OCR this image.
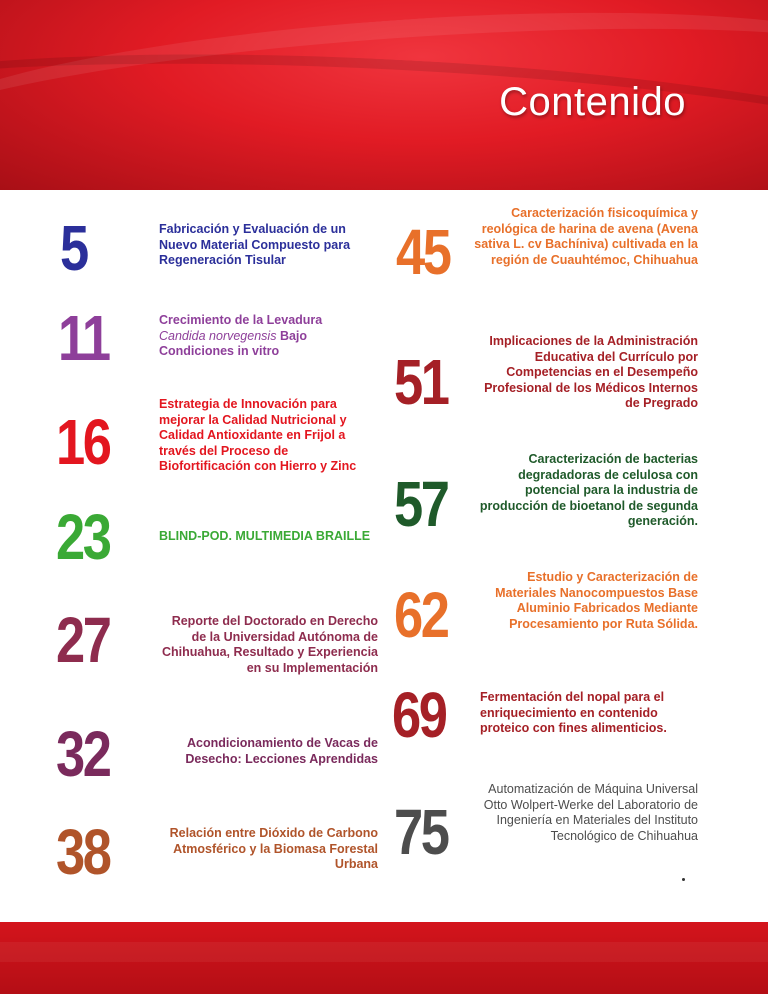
Contenido
5	Fabricación y Evaluación de un Nuevo Material Compuesto para Regeneración Tisular
11	Crecimiento de la Levadura
Candida norvegensis Bajo Condiciones in vitro
16
Estrategia de Innovación para mejorar la Calidad Nutricional y Calidad Antioxidante en Frijol a través del Proceso de Biofortificación con Hierro y Zinc
23	BLIND-POD. MULTIMEDIA BRAILLE
27	Reporte del Doctorado en Derecho de la Universidad Autónoma de Chihuahua, Resultado y Experiencia en su Implementación
32	Acondicionamiento de Vacas de Desecho: Lecciones Aprendidas
38	Relación entre Dióxido de Carbono Atmosférico y la Biomasa Forestal Urbana
45
Caracterización fisicoquímica y reológica de harina de avena (Avena sativa L. cv Bachíniva) cultivada en la región de Cuauhtémoc, Chihuahua
51
Implicaciones de la Administración Educativa del Currículo por Competencias en el Desempeño Profesional de los Médicos Internos de Pregrado
57
Caracterización de bacterias degradadoras de celulosa con potencial para la industria de producción de bioetanol de segunda generación.
62
Estudio y Caracterización de Materiales Nanocompuestos Base Aluminio Fabricados Mediante Procesamiento por Ruta Sólida.
69	Fermentación del nopal para el enriquecimiento en contenido proteico con fines alimenticios.
75
Automatización de Máquina Universal Otto Wolpert-Werke del Laboratorio de Ingeniería en Materiales del Instituto Tecnológico de Chihuahua
